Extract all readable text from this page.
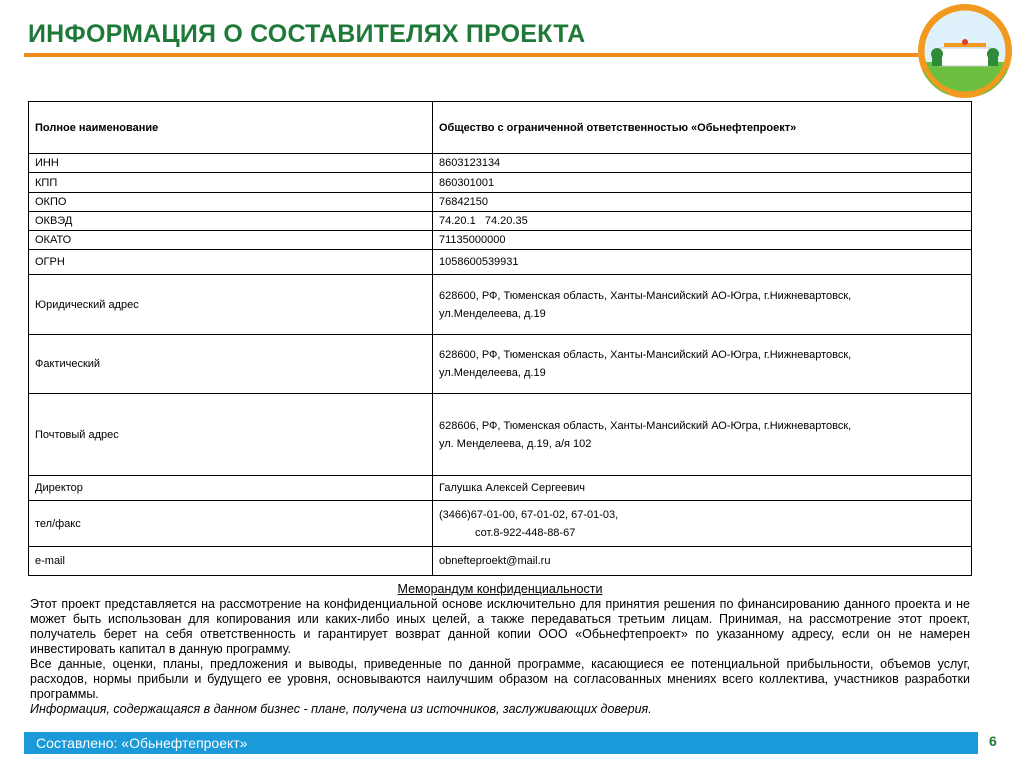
ИНФОРМАЦИЯ О СОСТАВИТЕЛЯХ ПРОЕКТА
Полное наименование	Общество с ограниченной ответственностью «Обьнефтепроект»
ИНН	8603123134
КПП	860301001
ОКПО	76842150
ОКВЭД	74.20.1   74.20.35
ОКАТО	71135000000
ОГРН	1058600539931
Юридический адрес	628600, РФ, Тюменская область, Ханты-Мансийский АО-Югра, г.Нижневартовск,
ул.Менделеева, д.19

Фактический	628600, РФ, Тюменская область, Ханты-Мансийский АО-Югра, г.Нижневартовск,
ул.Менделеева, д.19

Почтовый адрес	628606, РФ, Тюменская область, Ханты-Мансийский АО-Югра, г.Нижневартовск,
ул. Менделеева, д.19, а/я 102

Директор	Галушка Алексей Сергеевич
тел/факс	(3466)67-01-00, 67-01-02, 67-01-03,
сот.8-922-448-88-67

e-mail	obnefteproekt@mail.ru
Меморандум конфиденциальности

Этот проект представляется на рассмотрение на конфиденциальной основе исключительно для принятия решения по финансированию данного проекта и не может быть использован для копирования или каких-либо иных целей, а также передаваться третьим лицам. Принимая, на рассмотрение этот проект, получатель берет на себя ответственность и гарантирует возврат данной копии ООО «Обьнефтепроект» по указанному адресу, если он не намерен инвестировать капитал в данную программу.

Все данные, оценки, планы, предложения и выводы, приведенные по данной программе, касающиеся ее потенциальной прибыльности, объемов услуг, расходов, нормы прибыли и будущего ее уровня, основываются наилучшим образом на согласованных мнениях всего коллектива, участников разработки программы.

Информация, содержащаяся в данном бизнес - плане, получена из источников, заслуживающих доверия.

Составлено: «Обьнефтепроект»	6
